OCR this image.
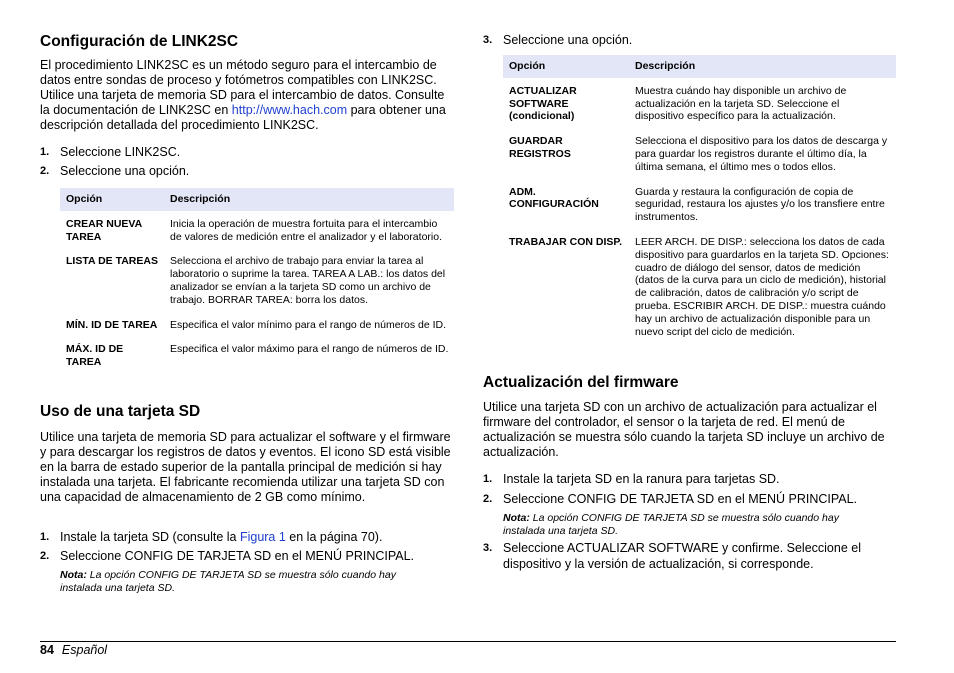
Configuración de LINK2SC

El procedimiento LINK2SC es un método seguro para el intercambio de datos entre sondas de proceso y fotómetros compatibles con LINK2SC. Utilice una tarjeta de memoria SD para el intercambio de datos. Consulte la documentación de LINK2SC en http://www.hach.com para obtener una descripción detallada del procedimiento LINK2SC.

1. Seleccione LINK2SC.
2. Seleccione una opción.
Opción	Descripción
CREAR NUEVA TAREA	Inicia la operación de muestra fortuita para el intercambio de valores de medición entre el analizador y el laboratorio.
LISTA DE TAREAS	Selecciona el archivo de trabajo para enviar la tarea al laboratorio o suprime la tarea. TAREA A LAB.: los datos del analizador se envían a la tarjeta SD como un archivo de trabajo. BORRAR TAREA: borra los datos.
MÍN. ID DE TAREA	Especifica el valor mínimo para el rango de números de ID.
MÁX. ID DE TAREA	Especifica el valor máximo para el rango de números de ID.
Uso de una tarjeta SD

Utilice una tarjeta de memoria SD para actualizar el software y el firmware y para descargar los registros de datos y eventos. El icono SD está visible en la barra de estado superior de la pantalla principal de medición si hay instalada una tarjeta. El fabricante recomienda utilizar una tarjeta SD con una capacidad de almacenamiento de 2 GB como mínimo.

1. Instale la tarjeta SD (consulte la Figura 1 en la página 70).
2. Seleccione CONFIG DE TARJETA SD en el MENÚ PRINCIPAL.
Nota: La opción CONFIG DE TARJETA SD se muestra sólo cuando hay instalada una tarjeta SD.
3. Seleccione una opción.
Opción	Descripción
ACTUALIZAR SOFTWARE (condicional)	Muestra cuándo hay disponible un archivo de actualización en la tarjeta SD. Seleccione el dispositivo específico para la actualización.
GUARDAR REGISTROS	Selecciona el dispositivo para los datos de descarga y para guardar los registros durante el último día, la última semana, el último mes o todos ellos.
ADM. CONFIGURACIÓN	Guarda y restaura la configuración de copia de seguridad, restaura los ajustes y/o los transfiere entre instrumentos.
TRABAJAR CON DISP.	LEER ARCH. DE DISP.: selecciona los datos de cada dispositivo para guardarlos en la tarjeta SD. Opciones: cuadro de diálogo del sensor, datos de medición (datos de la curva para un ciclo de medición), historial de calibración, datos de calibración y/o script de prueba. ESCRIBIR ARCH. DE DISP.: muestra cuándo hay un archivo de actualización disponible para un nuevo script del ciclo de medición.
Actualización del firmware

Utilice una tarjeta SD con un archivo de actualización para actualizar el firmware del controlador, el sensor o la tarjeta de red. El menú de actualización se muestra sólo cuando la tarjeta SD incluye un archivo de actualización.

1. Instale la tarjeta SD en la ranura para tarjetas SD.
2. Seleccione CONFIG DE TARJETA SD en el MENÚ PRINCIPAL.
Nota: La opción CONFIG DE TARJETA SD se muestra sólo cuando hay instalada una tarjeta SD.
3. Seleccione ACTUALIZAR SOFTWARE y confirme. Seleccione el dispositivo y la versión de actualización, si corresponde.
84 Español
